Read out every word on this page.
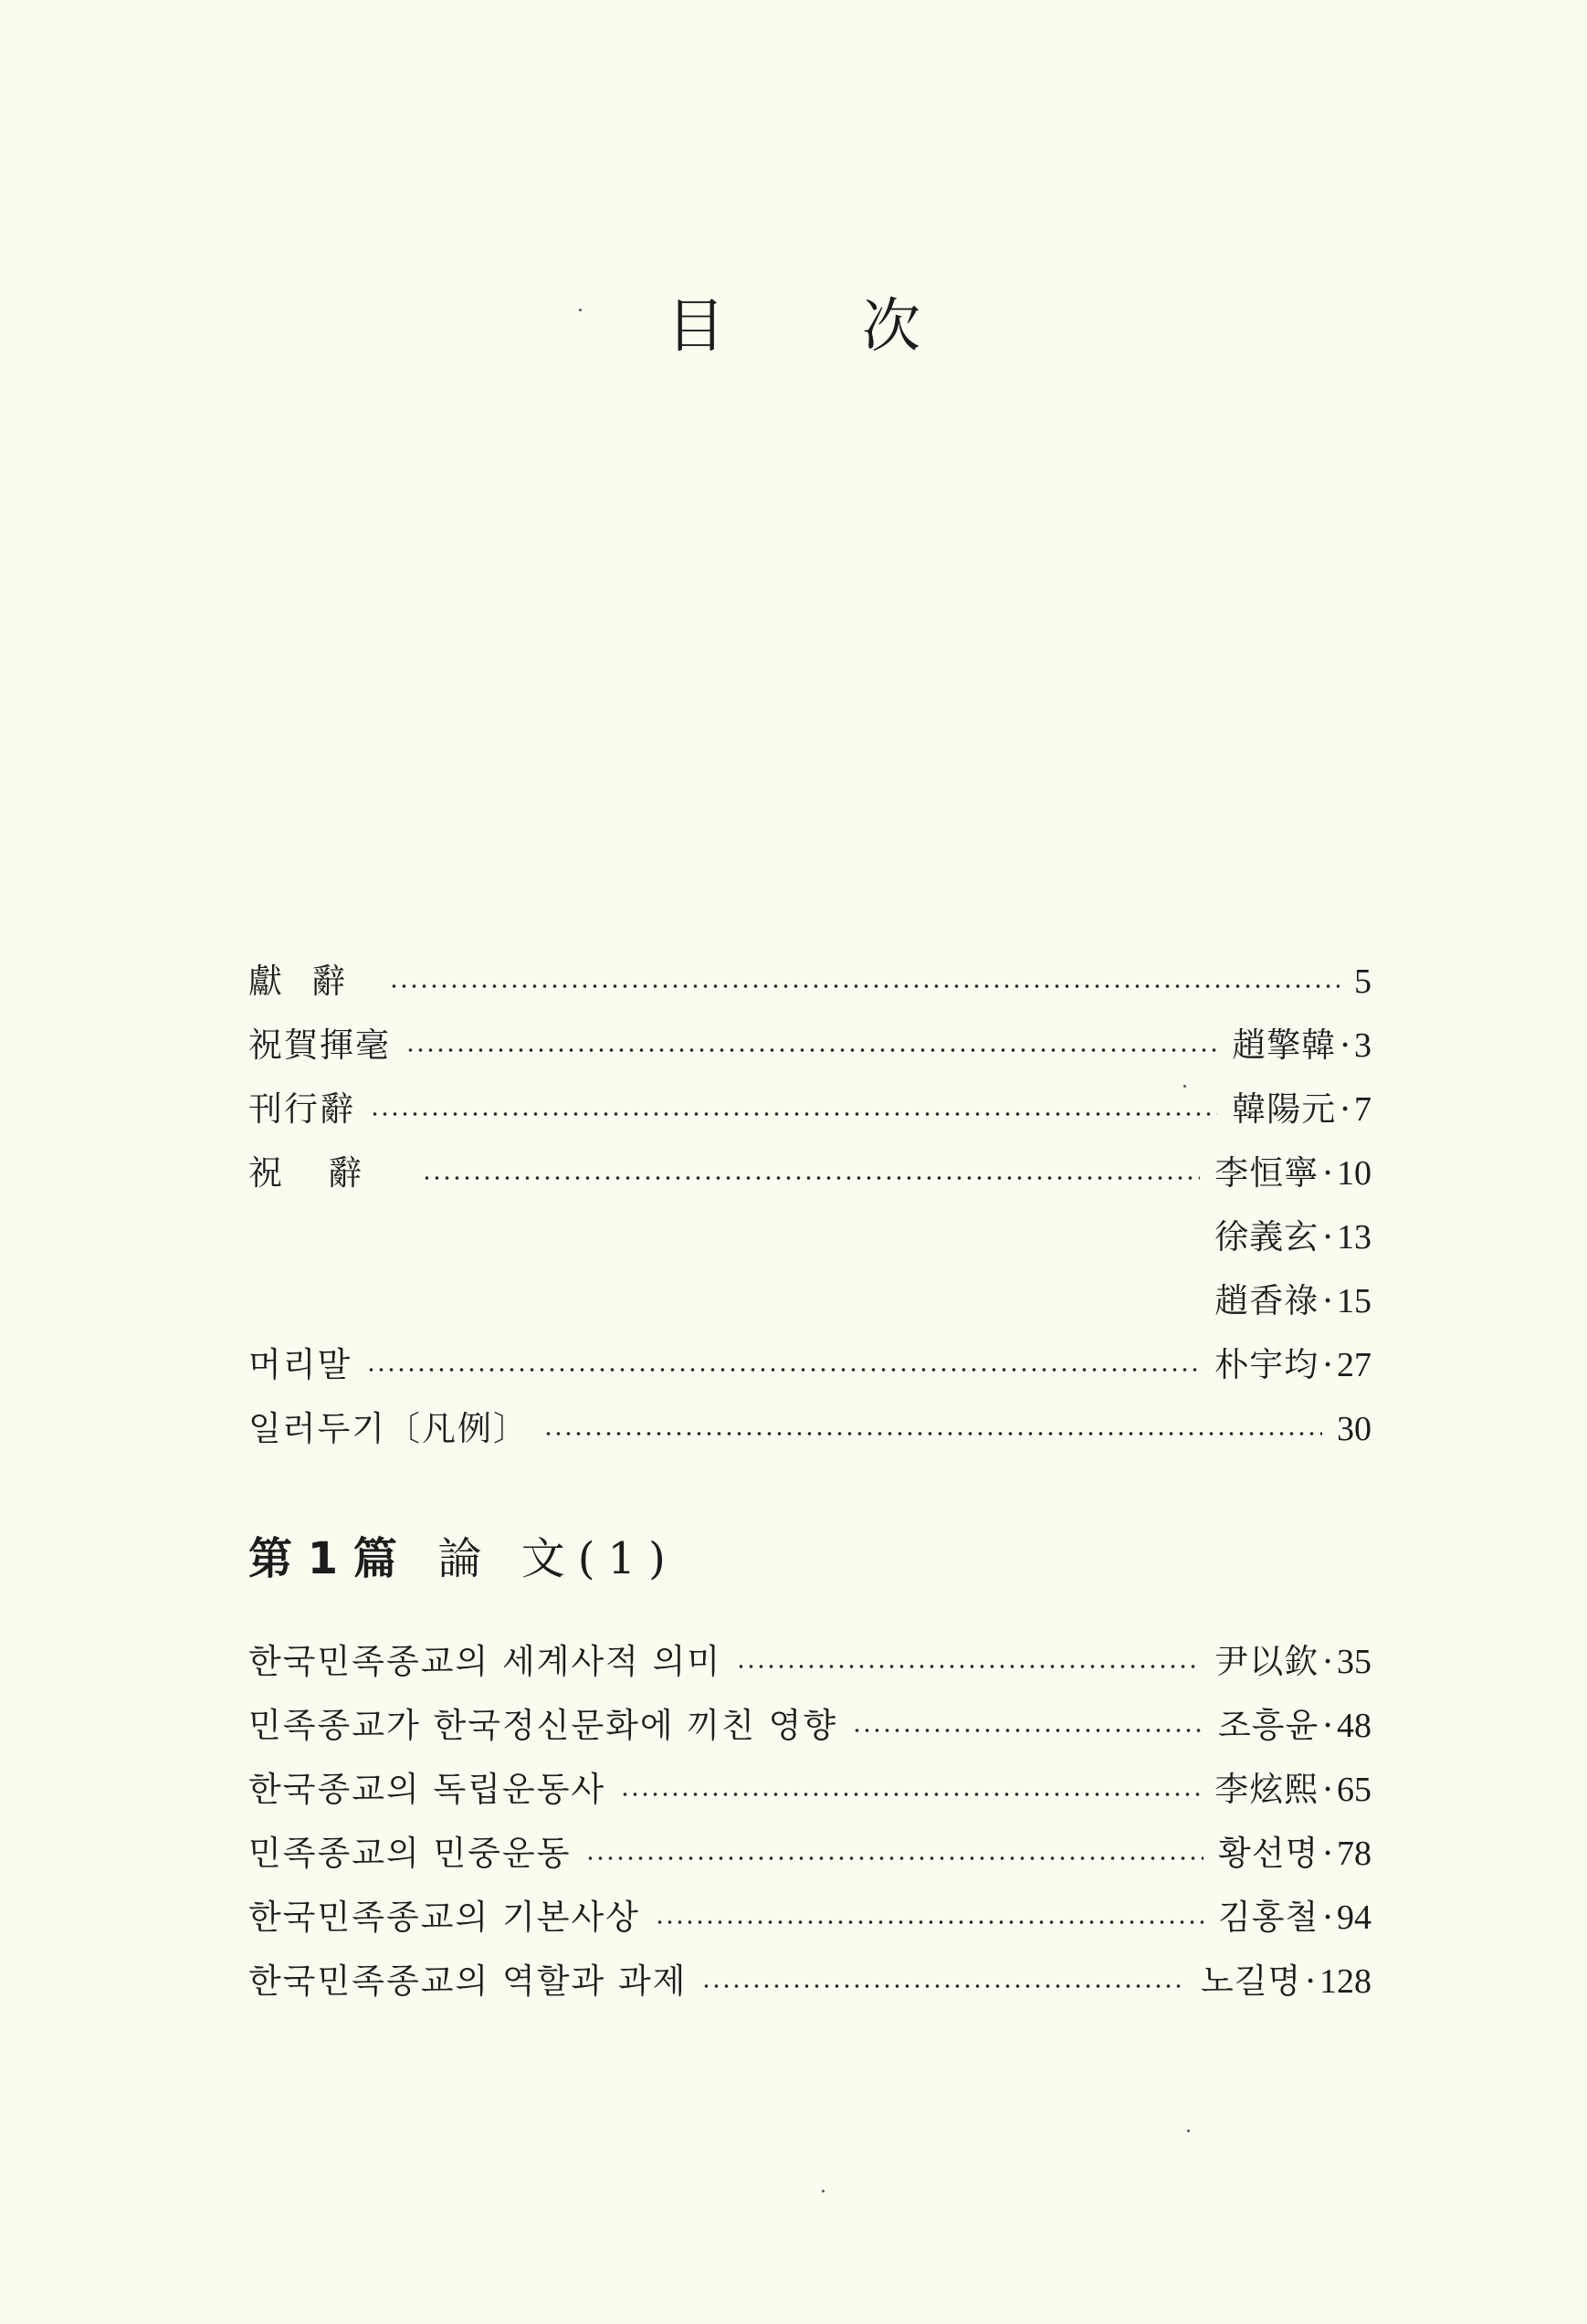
目次
獻辭	5
祝賀揮毫	趙擎韓 · 3
刊行辭	韓陽元 · 7
祝辭	李恒寧 · 10
徐義玄 · 13
趙香祿 · 15
머리말	朴宇均 · 27
일러두기〔凡例〕	30
第 1 篇 論 文(1)
한국민족종교의 세계사적 의미	尹以欽 · 35
민족종교가 한국정신문화에 끼친 영향	조흥윤 · 48
한국종교의 독립운동사	李炫熙 · 65
민족종교의 민중운동	황선명 · 78
한국민족종교의 기본사상	김홍철 · 94
한국민족종교의 역할과 과제	노길명 · 128
